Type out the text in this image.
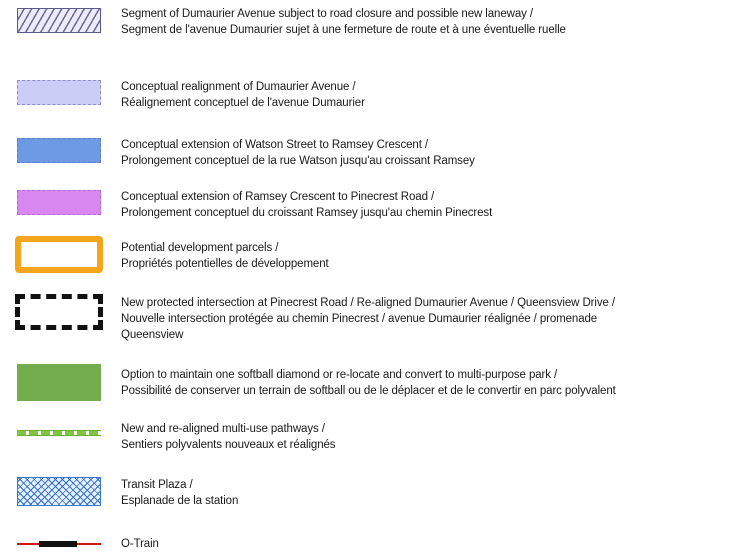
Segment of Dumaurier Avenue subject to road closure and possible new laneway /
Segment de l'avenue Dumaurier sujet à une fermeture de route et à une éventuelle ruelle
Conceptual realignment of Dumaurier Avenue /
Réalignement conceptuel de l'avenue Dumaurier
Conceptual extension of Watson Street to Ramsey Crescent /
Prolongement conceptuel de la rue Watson jusqu'au croissant Ramsey
Conceptual extension of Ramsey Crescent to Pinecrest Road /
Prolongement conceptuel du croissant Ramsey jusqu'au chemin Pinecrest
Potential development parcels /
Propriétés potentielles de développement
New protected intersection at Pinecrest Road / Re-aligned Dumaurier Avenue / Queensview Drive /
Nouvelle intersection protégée au chemin Pinecrest / avenue Dumaurier réalignée / promenade
Queensview
Option to maintain one softball diamond or re-locate and convert to multi-purpose park /
Possibilité de conserver un terrain de softball ou de le déplacer et de le convertir en parc polyvalent
New and re-aligned multi-use pathways /
Sentiers polyvalents nouveaux et réalignés
Transit Plaza /
Esplanade de la station
O-Train
